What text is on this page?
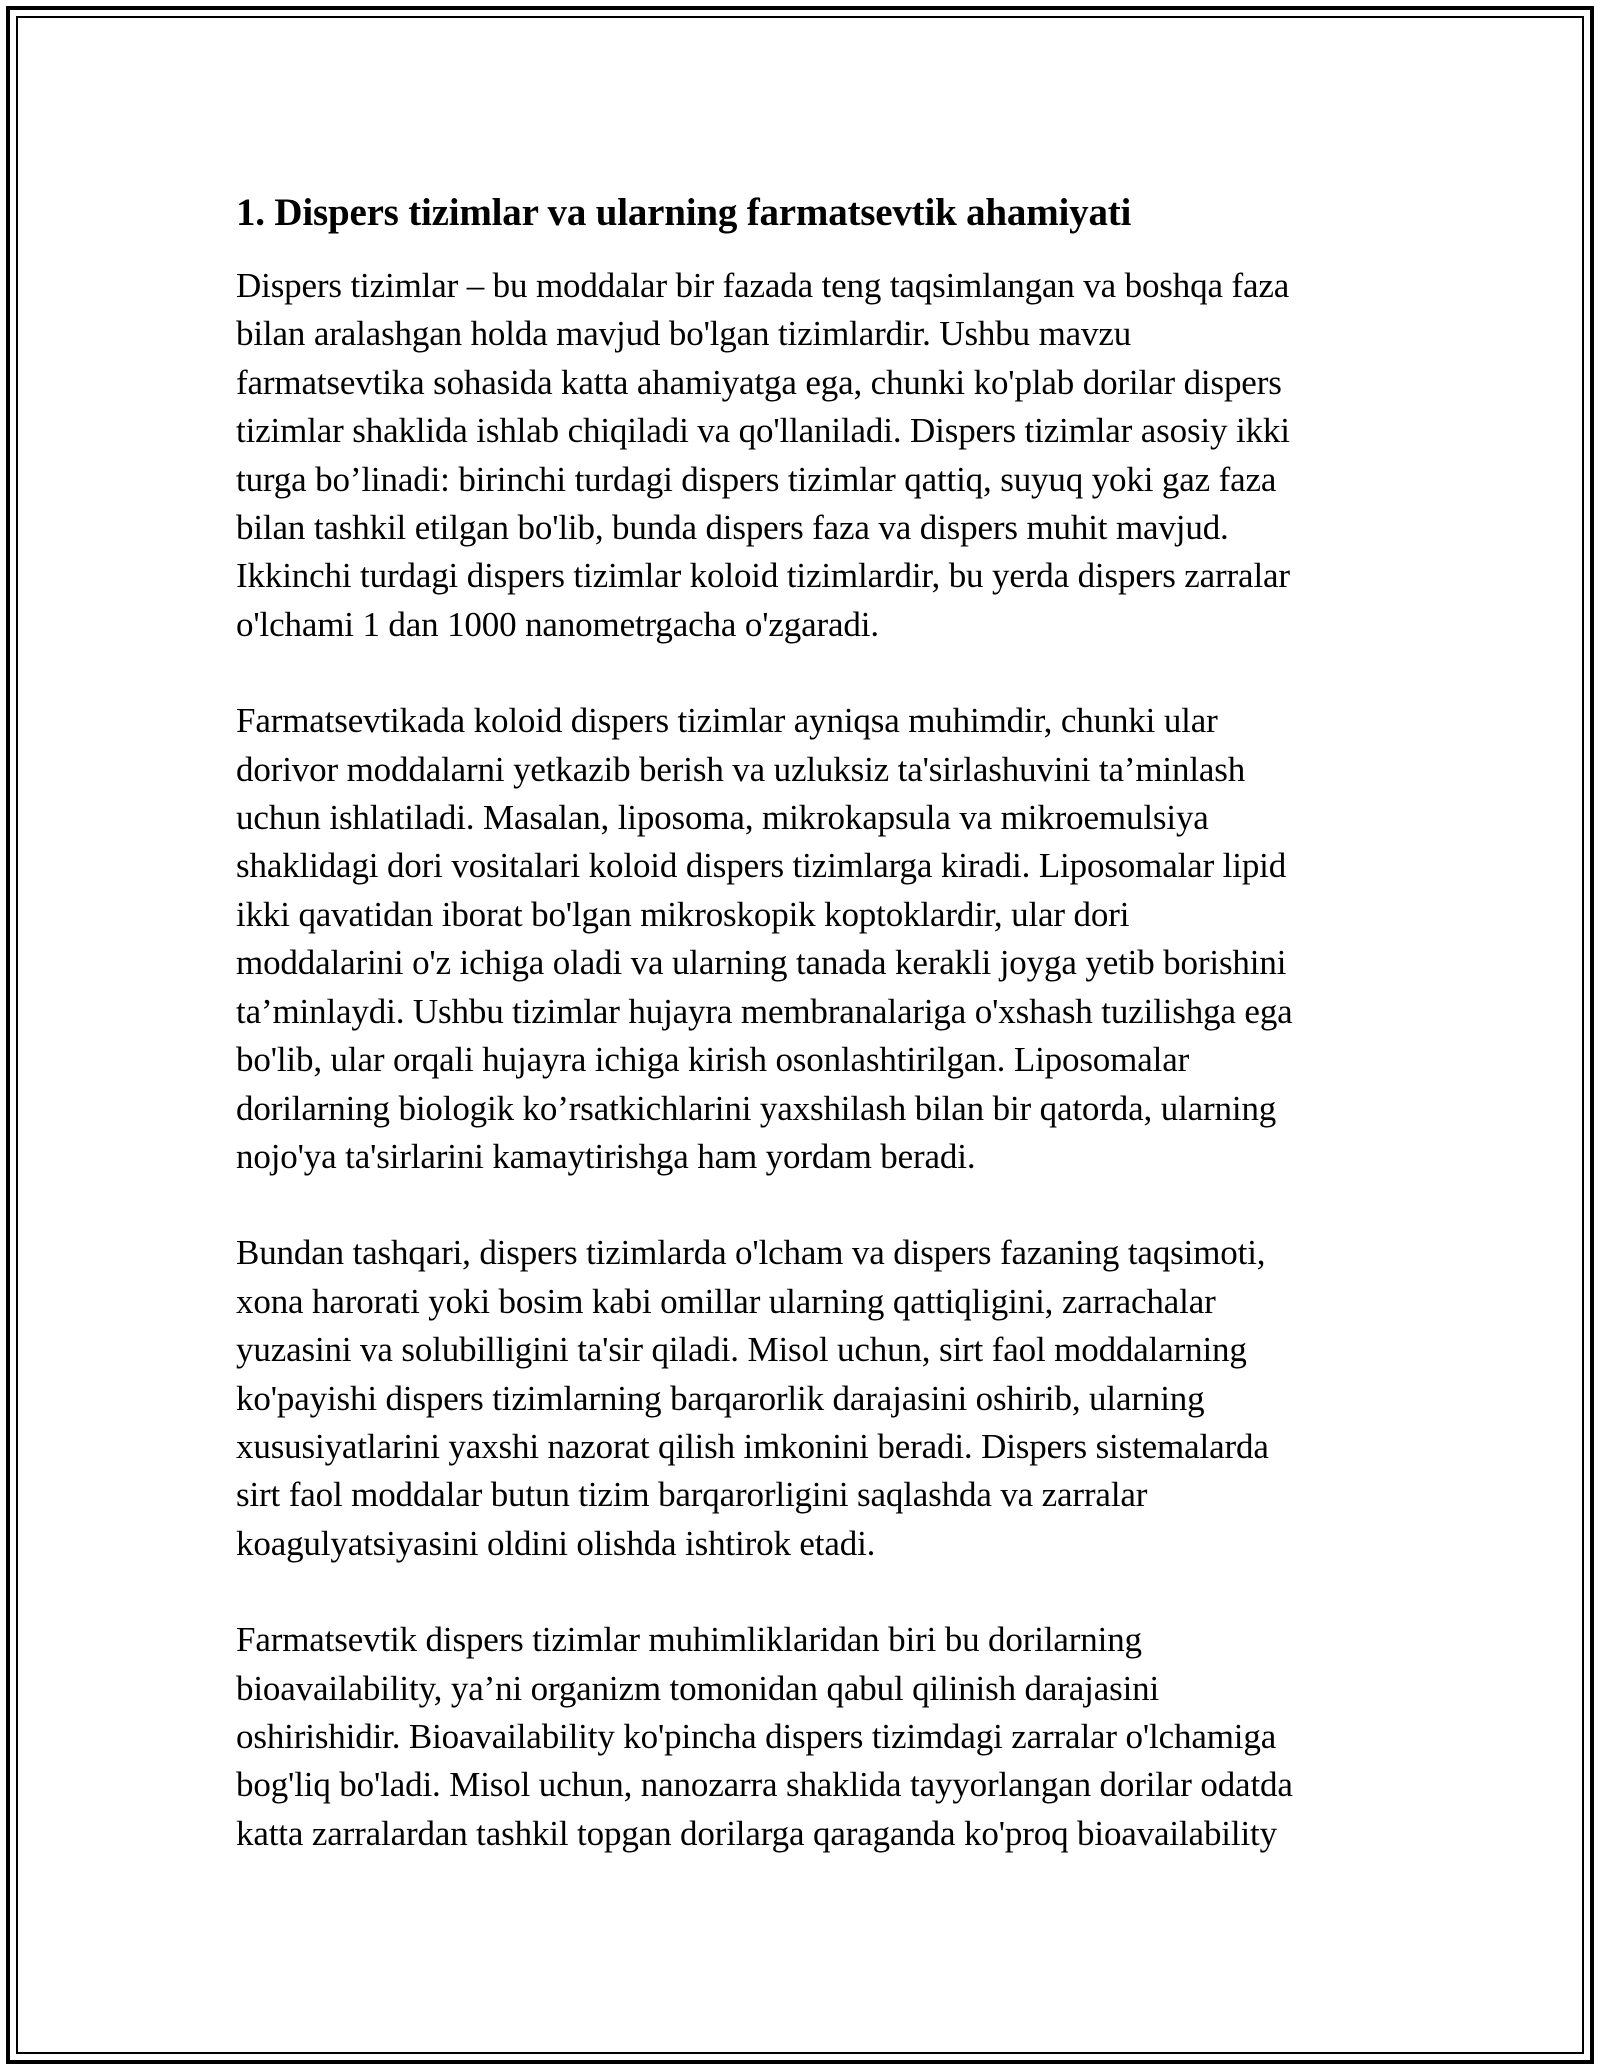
1. Dispers tizimlar va ularning farmatsevtik ahamiyati

Dispers tizimlar – bu moddalar bir fazada teng taqsimlangan va boshqa faza
bilan aralashgan holda mavjud bo'lgan tizimlardir. Ushbu mavzu
farmatsevtika sohasida katta ahamiyatga ega, chunki ko'plab dorilar dispers
tizimlar shaklida ishlab chiqiladi va qo'llaniladi. Dispers tizimlar asosiy ikki
turga bo’linadi: birinchi turdagi dispers tizimlar qattiq, suyuq yoki gaz faza
bilan tashkil etilgan bo'lib, bunda dispers faza va dispers muhit mavjud.
Ikkinchi turdagi dispers tizimlar koloid tizimlardir, bu yerda dispers zarralar
o'lchami 1 dan 1000 nanometrgacha o'zgaradi.

Farmatsevtikada koloid dispers tizimlar ayniqsa muhimdir, chunki ular
dorivor moddalarni yetkazib berish va uzluksiz ta'sirlashuvini ta’minlash
uchun ishlatiladi. Masalan, liposoma, mikrokapsula va mikroemulsiya
shaklidagi dori vositalari koloid dispers tizimlarga kiradi. Liposomalar lipid
ikki qavatidan iborat bo'lgan mikroskopik koptoklardir, ular dori
moddalarini o'z ichiga oladi va ularning tanada kerakli joyga yetib borishini
ta’minlaydi. Ushbu tizimlar hujayra membranalariga o'xshash tuzilishga ega
bo'lib, ular orqali hujayra ichiga kirish osonlashtirilgan. Liposomalar
dorilarning biologik ko’rsatkichlarini yaxshilash bilan bir qatorda, ularning
nojo'ya ta'sirlarini kamaytirishga ham yordam beradi.

Bundan tashqari, dispers tizimlarda o'lcham va dispers fazaning taqsimoti,
xona harorati yoki bosim kabi omillar ularning qattiqligini, zarrachalar
yuzasini va solubilligini ta'sir qiladi. Misol uchun, sirt faol moddalarning
ko'payishi dispers tizimlarning barqarorlik darajasini oshirib, ularning
xususiyatlarini yaxshi nazorat qilish imkonini beradi. Dispers sistemalarda
sirt faol moddalar butun tizim barqarorligini saqlashda va zarralar
koagulyatsiyasini oldini olishda ishtirok etadi.

Farmatsevtik dispers tizimlar muhimliklaridan biri bu dorilarning
bioavailability, ya’ni organizm tomonidan qabul qilinish darajasini
oshirishidir. Bioavailability ko'pincha dispers tizimdagi zarralar o'lchamiga
bog'liq bo'ladi. Misol uchun, nanozarra shaklida tayyorlangan dorilar odatda
katta zarralardan tashkil topgan dorilarga qaraganda ko'proq bioavailability
